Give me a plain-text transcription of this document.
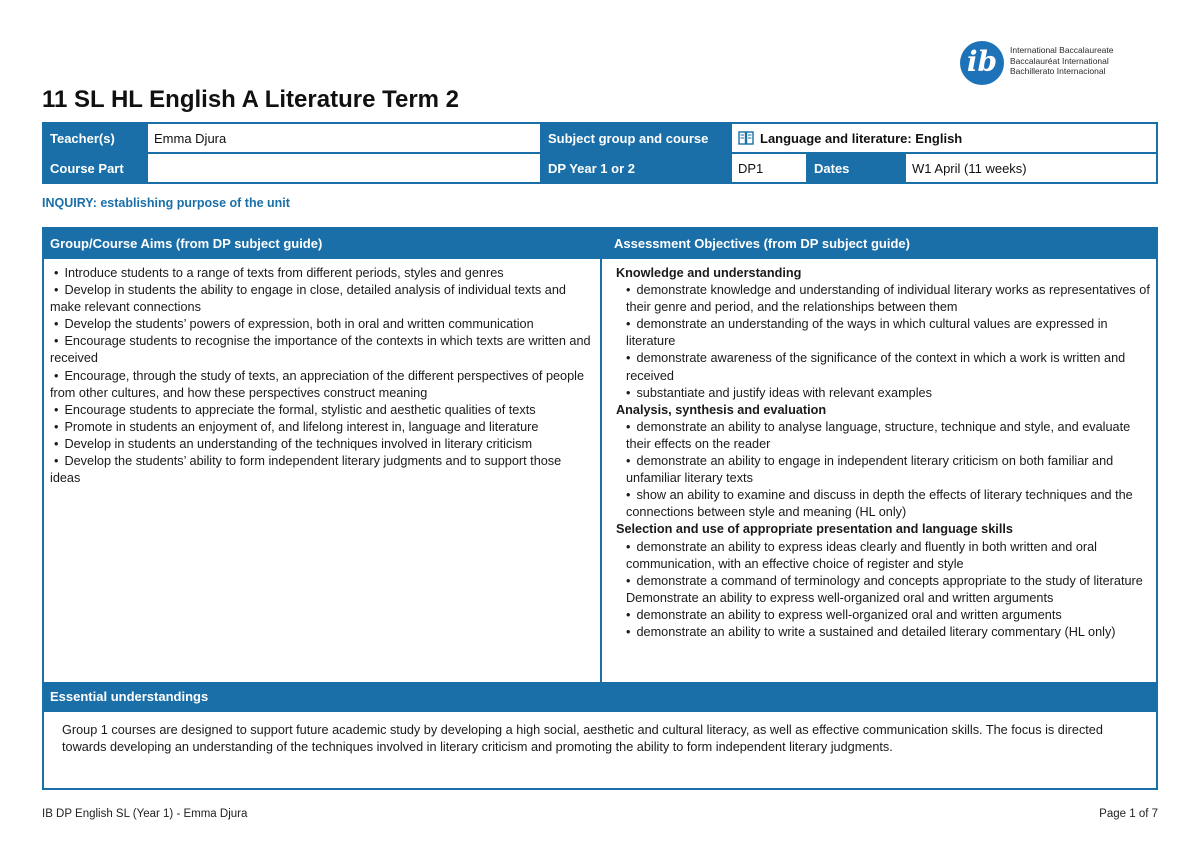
ib	International Baccalaureate
Baccalauréat International
Bachillerato Internacional
11 SL HL English A Literature Term 2
Teacher(s)	Emma Djura	Subject group and course	Language and literature: English		
Course Part		DP Year 1 or 2	DP1	Dates	W1 April (11 weeks)
INQUIRY: establishing purpose of the unit
Group/Course Aims (from DP subject guide)	Assessment Objectives (from DP subject guide)
• Introduce students to a range of texts from different periods, styles and genres
• Develop in students the ability to engage in close, detailed analysis of individual texts and make relevant connections
• Develop the students’ powers of expression, both in oral and written communication
• Encourage students to recognise the importance of the contexts in which texts are written and received
• Encourage, through the study of texts, an appreciation of the different perspectives of people from other cultures, and how these perspectives construct meaning
• Encourage students to appreciate the formal, stylistic and aesthetic qualities of texts
• Promote in students an enjoyment of, and lifelong interest in, language and literature
• Develop in students an understanding of the techniques involved in literary criticism
• Develop the students’ ability to form independent literary judgments and to support those ideas
Knowledge and understanding
• demonstrate knowledge and understanding of individual literary works as representatives of their genre and period, and the relationships between them
• demonstrate an understanding of the ways in which cultural values are expressed in literature
• demonstrate awareness of the significance of the context in which a work is written and received
• substantiate and justify ideas with relevant examples
Analysis, synthesis and evaluation
• demonstrate an ability to analyse language, structure, technique and style, and evaluate their effects on the reader
• demonstrate an ability to engage in independent literary criticism on both familiar and unfamiliar literary texts
• show an ability to examine and discuss in depth the effects of literary techniques and the connections between style and meaning (HL only)
Selection and use of appropriate presentation and language skills
• demonstrate an ability to express ideas clearly and fluently in both written and oral communication, with an effective choice of register and style
• demonstrate a command of terminology and concepts appropriate to the study of literature Demonstrate an ability to express well-organized oral and written arguments
• demonstrate an ability to express well-organized oral and written arguments
• demonstrate an ability to write a sustained and detailed literary commentary (HL only)
Essential understandings
Group 1 courses are designed to support future academic study by developing a high social, aesthetic and cultural literacy, as well as effective communication skills. The focus is directed towards developing an understanding of the techniques involved in literary criticism and promoting the ability to form independent literary judgments.
IB DP English SL (Year 1) - Emma Djura	Page 1 of 7
